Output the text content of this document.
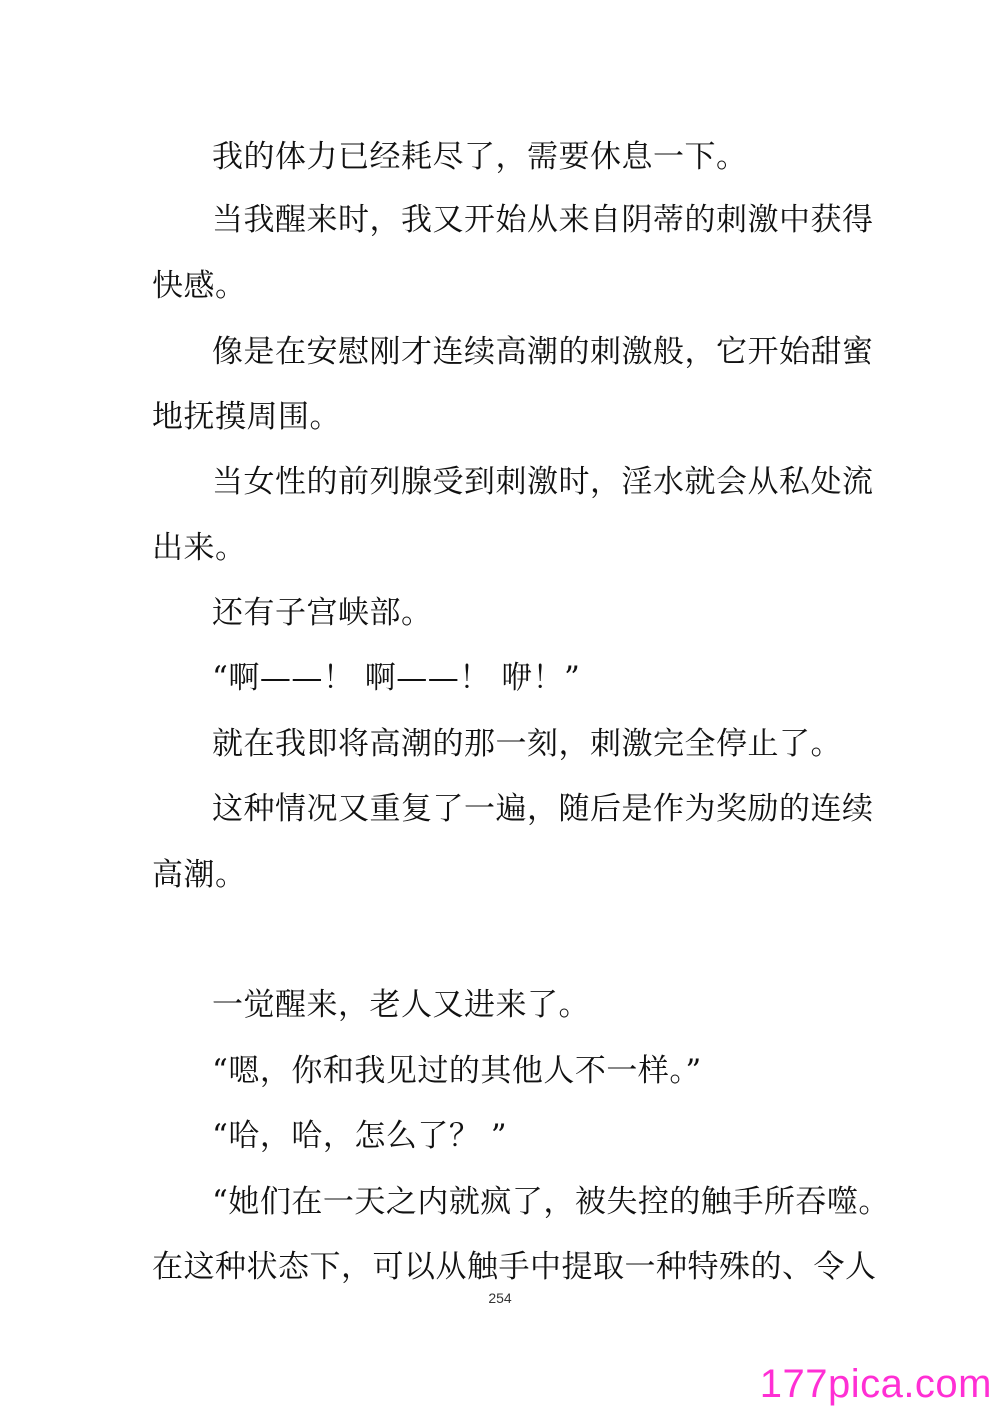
我的体力已经耗尽了，需要休息一下。
当我醒来时，我又开始从来自阴蒂的刺激中获得
快感。
像是在安慰刚才连续高潮的刺激般，它开始甜蜜
地抚摸周围。
当女性的前列腺受到刺激时，淫水就会从私处流
出来。
还有子宫峡部。
“啊——！ 啊——！ 咿！”
就在我即将高潮的那一刻，刺激完全停止了。
这种情况又重复了一遍，随后是作为奖励的连续
高潮。
一觉醒来，老人又进来了。
“嗯，你和我见过的其他人不一样。”
“哈，哈，怎么了？ ”
“她们在一天之内就疯了，被失控的触手所吞噬。
在这种状态下，可以从触手中提取一种特殊的、令人
254
177pica.com
